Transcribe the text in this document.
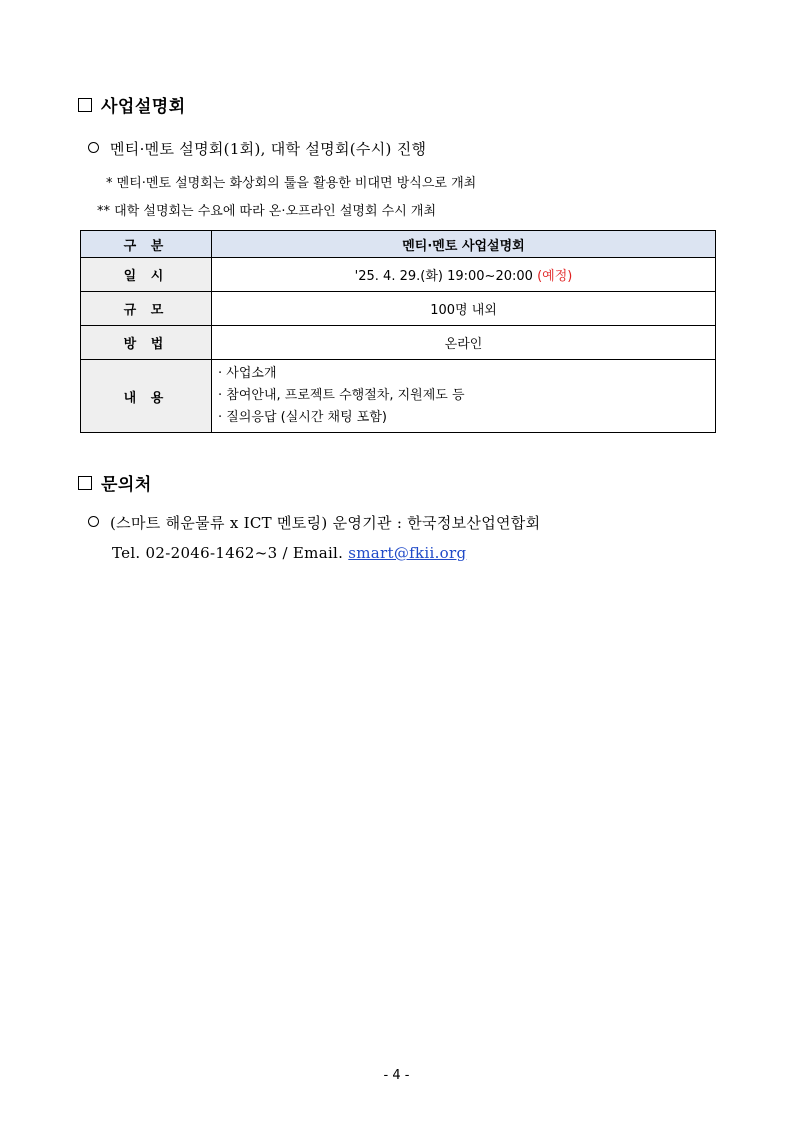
사업설명회
멘티·멘토 설명회(1회), 대학 설명회(수시) 진행
* 멘티·멘토 설명회는 화상회의 툴을 활용한 비대면 방식으로 개최
** 대학 설명회는 수요에 따라 온·오프라인 설명회 수시 개최
구 분	멘티·멘토 사업설명회
일 시	'25. 4. 29.(화) 19:00~20:00 (예정)
규 모	100명 내외
방 법	온라인
내 용	· 사업소개
· 참여안내, 프로젝트 수행절차, 지원제도 등
· 질의응답 (실시간 채팅 포함)
문의처
(스마트 해운물류 x ICT 멘토링) 운영기관 : 한국정보산업연합회
Tel. 02-2046-1462~3 / Email. smart@fkii.org
- 4 -
